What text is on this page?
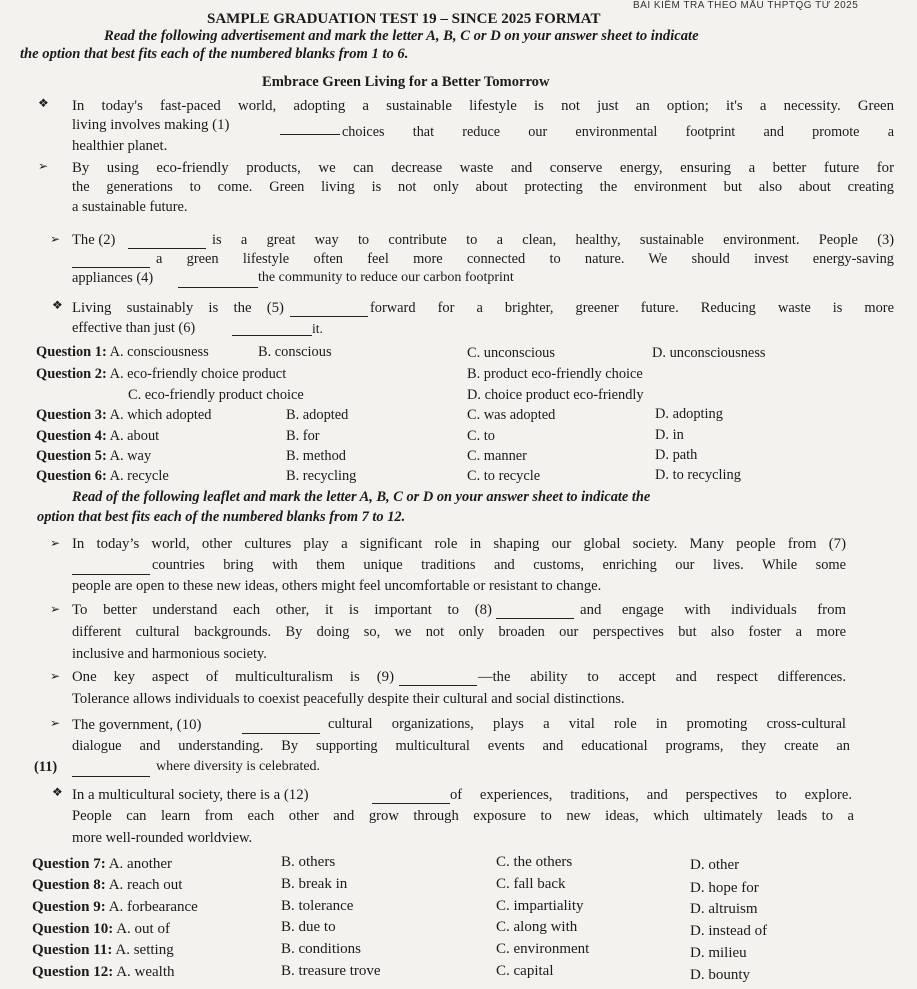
BÀI KIỂM TRA THEO MẪU THPTQG TỪ 2025
SAMPLE GRADUATION TEST 19 – SINCE 2025 FORMAT
Read the following advertisement and mark the letter A, B, C or D on your answer sheet to indicate
the option that best fits each of the numbered blanks from 1 to 6.
Embrace Green Living for a Better Tomorrow
❖ In today's fast-paced world, adopting a sustainable lifestyle is not just an option; it's a necessity. Green
living involves making (1)	choices that reduce our environmental footprint and promote a
healthier planet.
➢ By using eco-friendly products, we can decrease waste and conserve energy, ensuring a better future for
the generations to come. Green living is not only about protecting the environment but also about creating
a sustainable future.
➢ The (2)	is a great way to contribute to a clean, healthy, sustainable environment. People (3)
a green lifestyle often feel more connected to nature. We should invest energy-saving
appliances (4)	the community to reduce our carbon footprint
❖ Living sustainably is the (5)	forward for a brighter, greener future. Reducing waste is more
effective than just (6)	it.
Question 1: A. consciousness	B. conscious	C. unconscious	D. unconsciousness
Question 2: A. eco-friendly choice product	B. product eco-friendly choice
C. eco-friendly product choice	D. choice product eco-friendly
Question 3: A. which adopted	B. adopted	C. was adopted	D. adopting
Question 4: A. about	B. for	C. to	D. in
Question 5: A. way	B. method	C. manner	D. path
Question 6: A. recycle	B. recycling	C. to recycle	D. to recycling
Read of the following leaflet and mark the letter A, B, C or D on your answer sheet to indicate the
option that best fits each of the numbered blanks from 7 to 12.
➢ In today’s world, other cultures play a significant role in shaping our global society. Many people from (7)
countries bring with them unique traditions and customs, enriching our lives. While some
people are open to these new ideas, others might feel uncomfortable or resistant to change.
➢ To better understand each other, it is important to (8)	and engage with individuals from
different cultural backgrounds. By doing so, we not only broaden our perspectives but also foster a more
inclusive and harmonious society.
➢ One key aspect of multiculturalism is (9)	—the ability to accept and respect differences.
Tolerance allows individuals to coexist peacefully despite their cultural and social distinctions.
➢ The government, (10)	cultural organizations, plays a vital role in promoting cross-cultural
dialogue and understanding. By supporting multicultural events and educational programs, they create an
(11)	where diversity is celebrated.
❖ In a multicultural society, there is a (12)	of experiences, traditions, and perspectives to explore.
People can learn from each other and grow through exposure to new ideas, which ultimately leads to a
more well-rounded worldview.
Question 7: A. another	B. others	C. the others	D. other
Question 8: A. reach out	B. break in	C. fall back	D. hope for
Question 9: A. forbearance	B. tolerance	C. impartiality	D. altruism
Question 10: A. out of	B. due to	C. along with	D. instead of
Question 11: A. setting	B. conditions	C. environment	D. milieu
Question 12: A. wealth	B. treasure trove	C. capital	D. bounty
